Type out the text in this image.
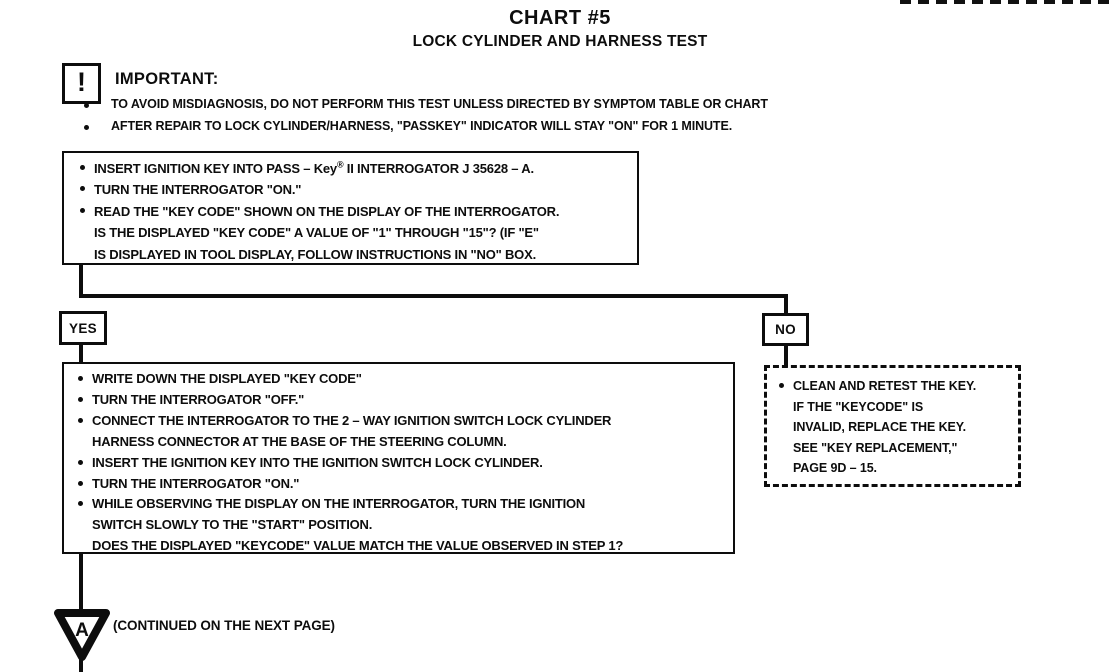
CHART #5
LOCK CYLINDER AND HARNESS TEST
! IMPORTANT:
TO AVOID MISDIAGNOSIS, DO NOT PERFORM THIS TEST UNLESS DIRECTED BY SYMPTOM TABLE OR CHART
AFTER REPAIR TO LOCK CYLINDER/HARNESS, "PASSKEY" INDICATOR WILL STAY "ON" FOR 1 MINUTE.
INSERT IGNITION KEY INTO PASS – Key® II INTERROGATOR J 35628 – A.
TURN THE INTERROGATOR "ON."
READ THE "KEY CODE" SHOWN ON THE DISPLAY OF THE INTERROGATOR.
IS THE DISPLAYED "KEY CODE" A VALUE OF "1" THROUGH "15"? (IF "E"
IS DISPLAYED IN TOOL DISPLAY, FOLLOW INSTRUCTIONS IN "NO" BOX.
YES	NO
WRITE DOWN THE DISPLAYED "KEY CODE"
TURN THE INTERROGATOR "OFF."
CONNECT THE INTERROGATOR TO THE 2 – WAY IGNITION SWITCH LOCK CYLINDER
HARNESS CONNECTOR AT THE BASE OF THE STEERING COLUMN.
INSERT THE IGNITION KEY INTO THE IGNITION SWITCH LOCK CYLINDER.
TURN THE INTERROGATOR "ON."
WHILE OBSERVING THE DISPLAY ON THE INTERROGATOR, TURN THE IGNITION
SWITCH SLOWLY TO THE "START" POSITION.
DOES THE DISPLAYED "KEYCODE" VALUE MATCH THE VALUE OBSERVED IN STEP 1?
CLEAN AND RETEST THE KEY.
IF THE "KEYCODE" IS
INVALID, REPLACE THE KEY.
SEE "KEY REPLACEMENT,"
PAGE 9D – 15.
A (CONTINUED ON THE NEXT PAGE)
